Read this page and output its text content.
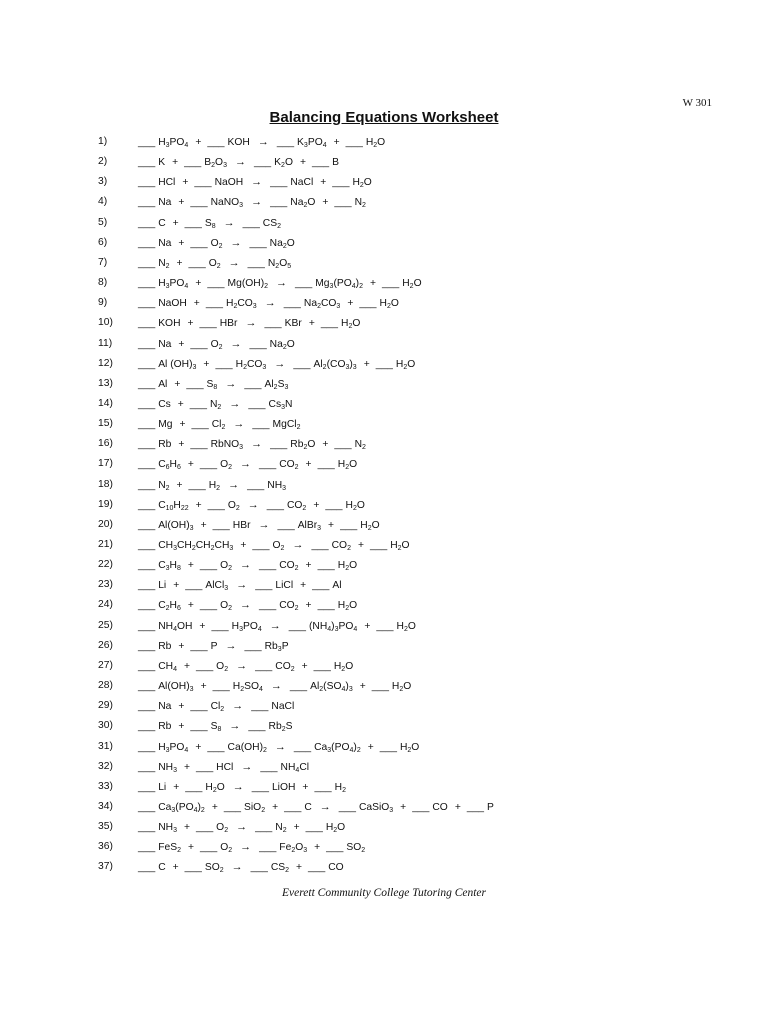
W 301
Balancing Equations Worksheet
1)	___ $H_3PO_4$ + ___ KOH → ___ $K_3PO_4$ + ___ $H_2O$
2)	___ K + ___ $B_2O_3$ → ___ $K_2O$ + ___ B
3)	___ HCl + ___ NaOH → ___ NaCl + ___ $H_2O$
4)	___ Na + ___ NaNO$_3$ → ___ $Na_2O$ + ___ $N_2$
5)	___ C + ___ $S_8$ → ___ $CS_2$
6)	___ Na + ___ $O_2$ → ___ $Na_2O$
7)	___ $N_2$ + ___ $O_2$ → ___ $N_2O_5$
8)	___ $H_3PO_4$ + ___ $Mg(OH)_2$ → ___ $Mg_3(PO_4)_2$ + ___ $H_2O$
9)	___ NaOH + ___ $H_2CO_3$ → ___ $Na_2CO_3$ + ___ $H_2O$
10) ___ KOH + ___ HBr → ___ KBr + ___ $H_2O$
11)	___ Na + ___ $O_2$ → ___ $Na_2O$
12) ___ Al $(OH)_3$ + ___ $H_2CO_3$ → ___ $Al_2(CO_3)_3$ + ___ $H_2O$
13) ___ Al + ___ $S_8$ → ___ $Al_2S_3$
14) ___ Cs + ___ $N_2$ → ___ $Cs_3N$
15) ___ Mg + ___ $Cl_2$ → ___ MgCl$_2$
16) ___ Rb + ___ RbNO$_3$ → ___ $Rb_2O$ + ___ $N_2$
17) ___ $C_6H_6$ + ___ $O_2$ → ___ $CO_2$ + ___ $H_2O$
18) ___ $N_2$ + ___ $H_2$ → ___ $NH_3$
19) ___ $C_{10}H_{22}$ + ___ $O_2$ → ___ $CO_2$ + ___ $H_2O$
20) ___ $Al(OH)_3$ + ___ HBr → ___ AlBr$_3$ + ___ $H_2O$
21) ___ $CH_3CH_2CH_2CH_3$ + ___ $O_2$ → ___ $CO_2$ + ___ $H_2O$
22) ___ $C_3H_8$ + ___ $O_2$ → ___ $CO_2$ + ___ $H_2O$
23) ___ Li + ___ AlCl$_3$ → ___ LiCl + ___ Al
24) ___ $C_2H_6$ + ___ $O_2$ → ___ $CO_2$ + ___ $H_2O$
25) ___ $NH_4OH$ + ___ $H_3PO_4$ → ___ $(NH_4)_3PO_4$ + ___ $H_2O$
26) ___ Rb + ___ P → ___ $Rb_3P$
27) ___ $CH_4$ + ___ $O_2$ → ___ $CO_2$ + ___ $H_2O$
28) ___ $Al(OH)_3$ + ___ $H_2SO_4$ → ___ $Al_2(SO_4)_3$ + ___ $H_2O$
29) ___ Na + ___ $Cl_2$ → ___ NaCl
30) ___ Rb + ___ $S_8$ → ___ $Rb_2S$
31) ___ $H_3PO_4$ + ___ $Ca(OH)_2$ → ___ $Ca_3(PO_4)_2$ + ___ $H_2O$
32) ___ $NH_3$ + ___ HCl → ___ $NH_4Cl$
33) ___ Li + ___ $H_2O$ → ___ LiOH + ___ $H_2$
34) ___ $Ca_3(PO_4)_2$ + ___ SiO$_2$ + ___ C → ___ CaSiO$_3$ + ___ CO + ___ P
35) ___ $NH_3$ + ___ $O_2$ → ___ $N_2$ + ___ $H_2O$
36) ___ FeS$_2$ + ___ $O_2$ → ___ $Fe_2O_3$ + ___ $SO_2$
37) ___ C + ___ $SO_2$ → ___ $CS_2$ + ___ CO
Everett Community College Tutoring Center
